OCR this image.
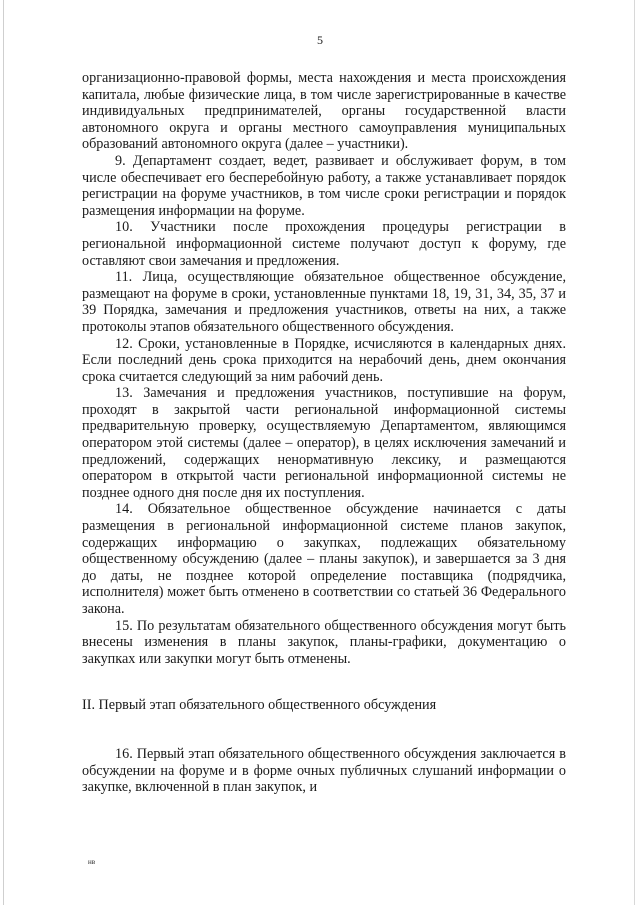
5

организационно-правовой формы, места нахождения и места происхождения капитала, любые физические лица, в том числе зарегистрированные в качестве индивидуальных предпринимателей, органы государственной власти автономного округа и органы местного самоуправления муниципальных образований автономного округа (далее – участники).

9. Департамент создает, ведет, развивает и обслуживает форум, в том числе обеспечивает его бесперебойную работу, а также устанавливает порядок регистрации на форуме участников, в том числе сроки регистрации и порядок размещения информации на форуме.

10. Участники после прохождения процедуры регистрации в региональной информационной системе получают доступ к форуму, где оставляют свои замечания и предложения.

11. Лица, осуществляющие обязательное общественное обсуждение, размещают на форуме в сроки, установленные пунктами 18, 19, 31, 34, 35, 37 и 39 Порядка, замечания и предложения участников, ответы на них, а также протоколы этапов обязательного общественного обсуждения.

12. Сроки, установленные в Порядке, исчисляются в календарных днях. Если последний день срока приходится на нерабочий день, днем окончания срока считается следующий за ним рабочий день.

13. Замечания и предложения участников, поступившие на форум, проходят в закрытой части региональной информационной системы предварительную проверку, осуществляемую Департаментом, являющимся оператором этой системы (далее – оператор), в целях исключения замечаний и предложений, содержащих ненормативную лексику, и размещаются оператором в открытой части региональной информационной системы не позднее одного дня после дня их поступления.

14. Обязательное общественное обсуждение начинается с даты размещения в региональной информационной системе планов закупок, содержащих информацию о закупках, подлежащих обязательному общественному обсуждению (далее – планы закупок), и завершается за 3 дня до даты, не позднее которой определение поставщика (подрядчика, исполнителя) может быть отменено в соответствии со статьей 36 Федерального закона.

15. По результатам обязательного общественного обсуждения могут быть внесены изменения в планы закупок, планы-графики, документацию о закупках или закупки могут быть отменены.

II. Первый этап обязательного общественного обсуждения

16. Первый этап обязательного общественного обсуждения заключается в обсуждении на форуме и в форме очных публичных слушаний информации о закупке, включенной в план закупок, и

нв
